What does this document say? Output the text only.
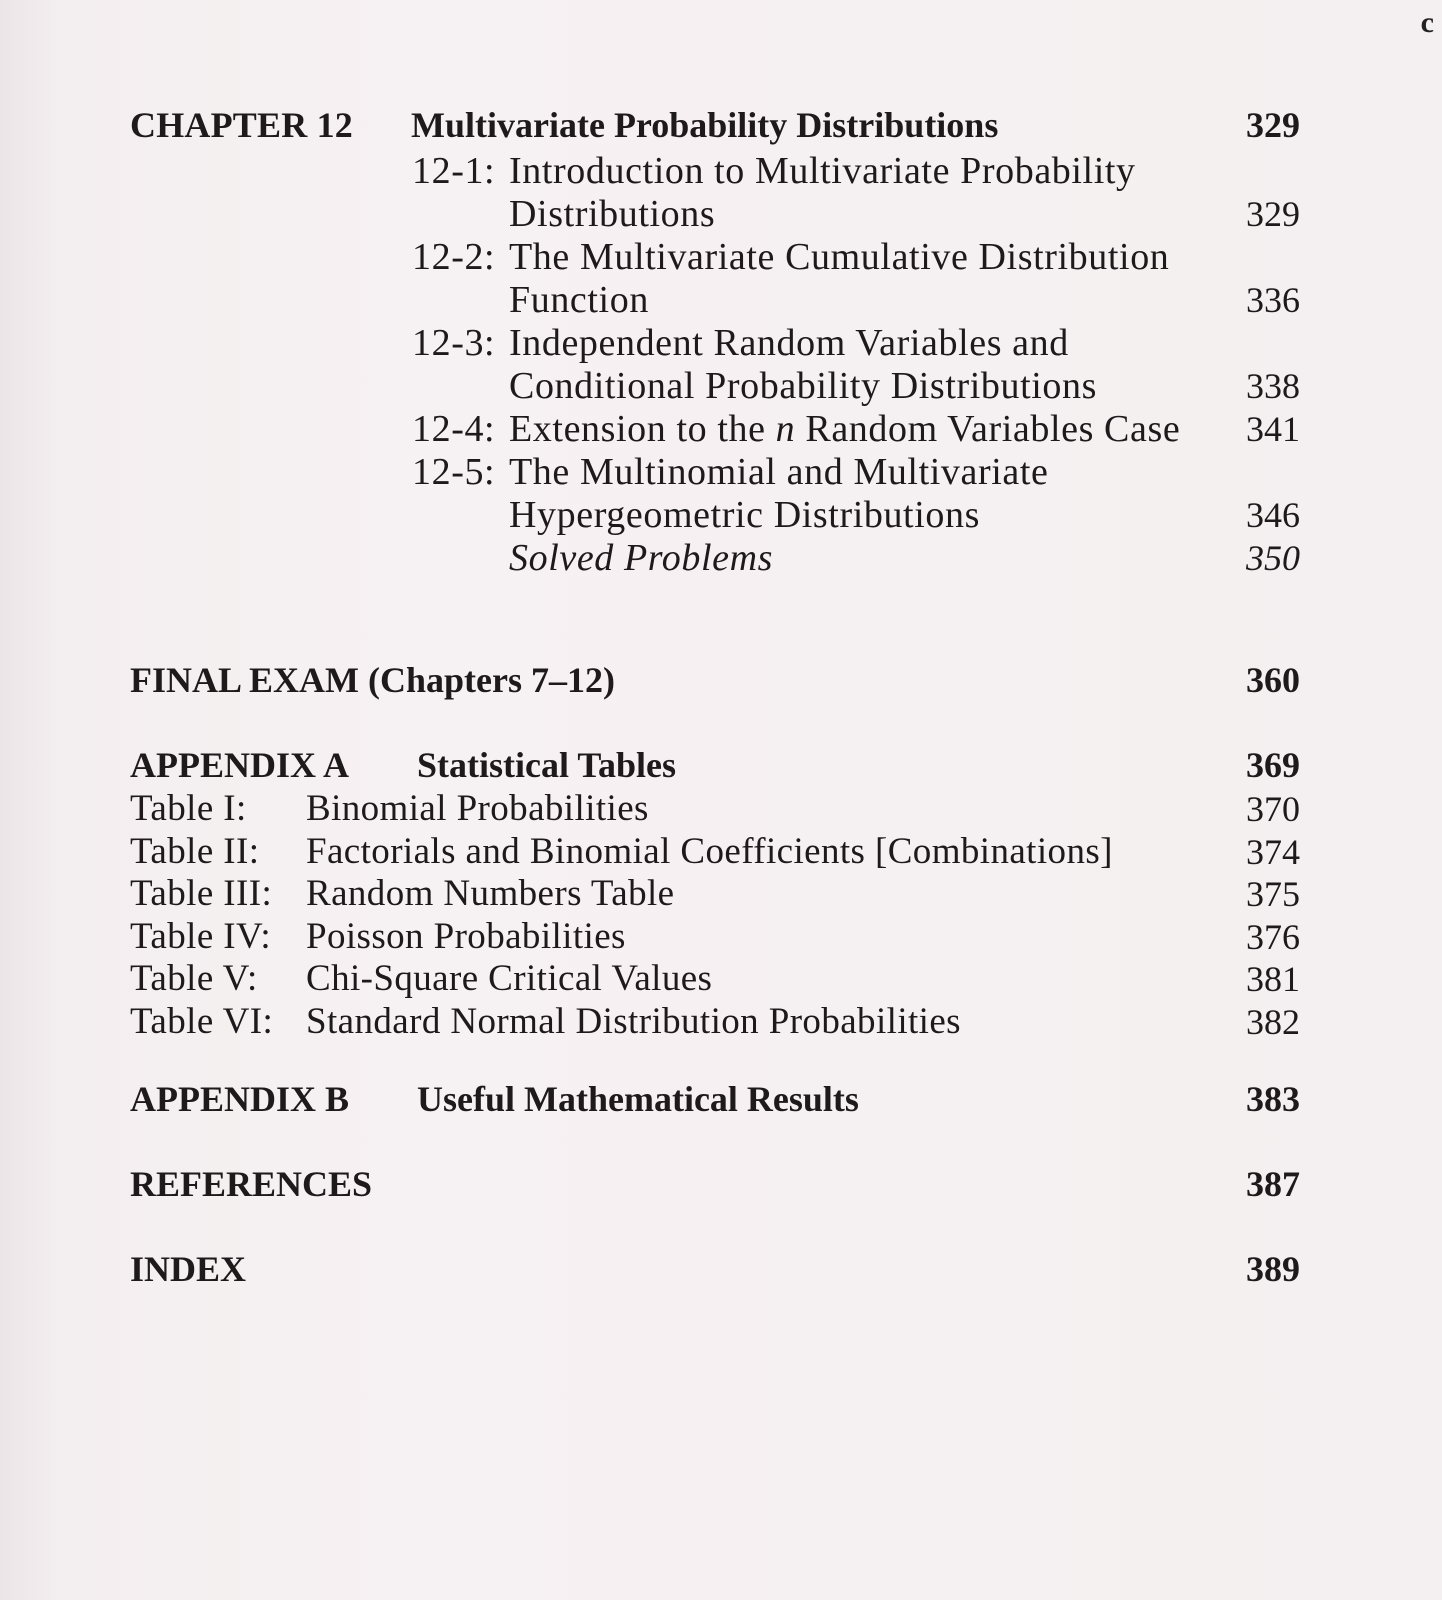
c
CHAPTER 12 Multivariate Probability Distributions	329
12-1: Introduction to Multivariate Probability Distributions	329
12-2: The Multivariate Cumulative Distribution Function	336
12-3: Independent Random Variables and Conditional Probability Distributions	338
12-4: Extension to the n Random Variables Case	341
12-5: The Multinomial and Multivariate Hypergeometric Distributions	346
Solved Problems	350
FINAL EXAM (Chapters 7–12)	360
APPENDIX A Statistical Tables	369
Table I: Binomial Probabilities	370
Table II: Factorials and Binomial Coefficients [Combinations]	374
Table III: Random Numbers Table	375
Table IV: Poisson Probabilities	376
Table V: Chi-Square Critical Values	381
Table VI: Standard Normal Distribution Probabilities	382
APPENDIX B Useful Mathematical Results	383
REFERENCES	387
INDEX	389
